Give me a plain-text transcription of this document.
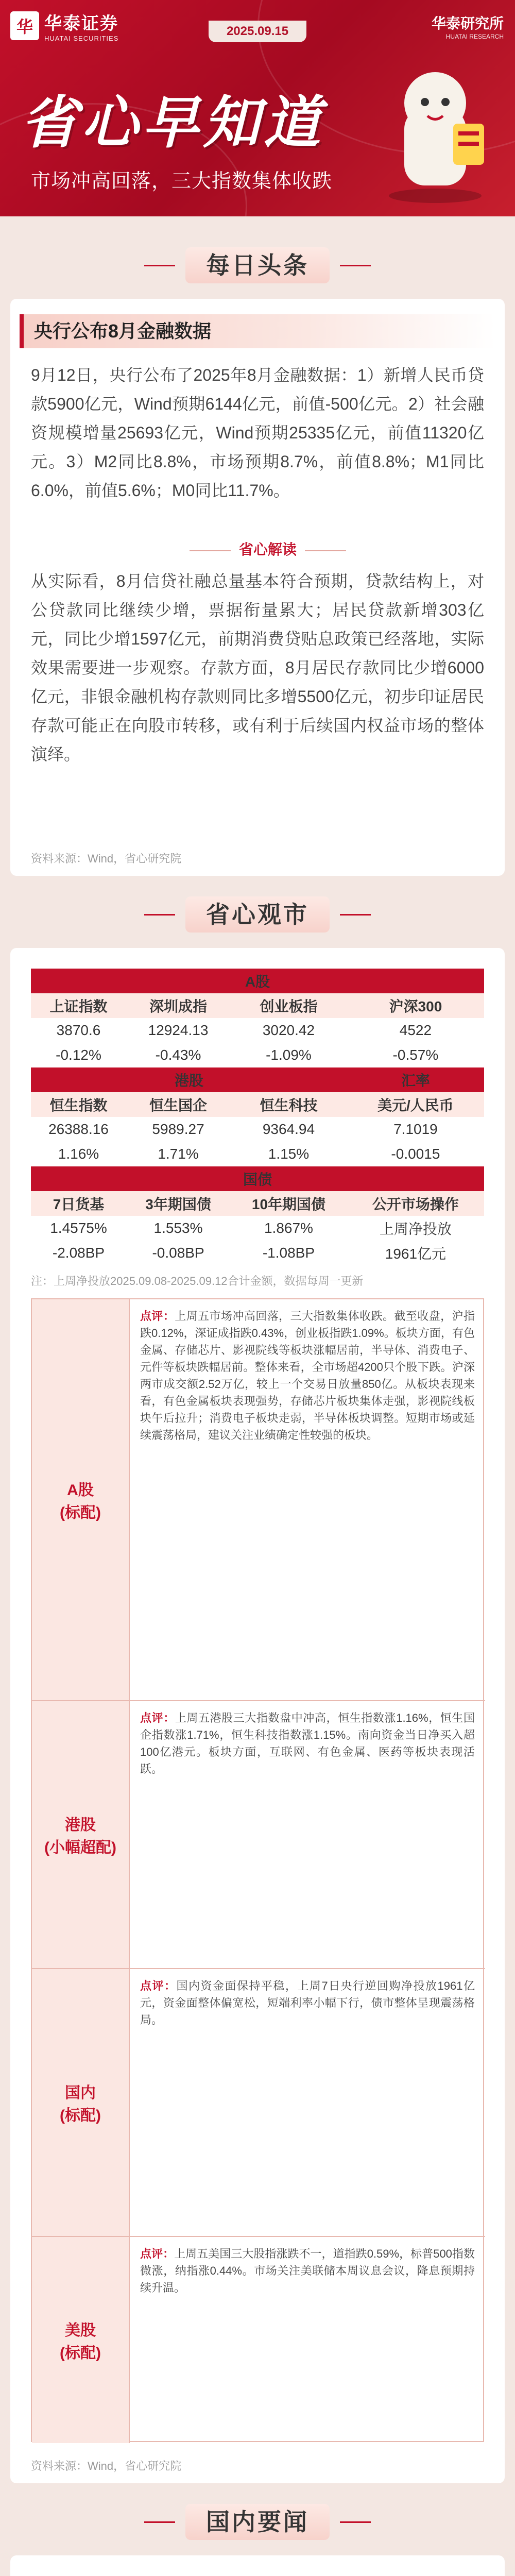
华 华泰证券
HUATAI SECURITIES
2025.09.15	华泰研究所
HUATAI RESEARCH
省心早知道
市场冲高回落，三大指数集体收跌
每日头条
央行公布8月金融数据
9月12日，央行公布了2025年8月金融数据：1）新增人民币贷款5900亿元，Wind预期6144亿元，前值-500亿元。2）社会融资规模增量25693亿元，Wind预期25335亿元，前值11320亿元。3）M2同比8.8%，市场预期8.7%，前值8.8%；M1同比6.0%，前值5.6%；M0同比11.7%。
省心解读
从实际看，8月信贷社融总量基本符合预期，贷款结构上，对公贷款同比继续少增，票据衔量累大；居民贷款新增303亿元，同比少增1597亿元，前期消费贷贴息政策已经落地，实际效果需要进一步观察。存款方面，8月居民存款同比少增6000亿元，非银金融机构存款则同比多增5500亿元，初步印证居民存款可能正在向股市转移，或有利于后续国内权益市场的整体演绎。
资料来源：Wind，省心研究院
省心观市
A股			
上证指数	深圳成指	创业板指	沪深300
3870.6	12924.13	3020.42	4522
-0.12%	-0.43%	-1.09%	-0.57%
港股			汇率
恒生指数	恒生国企	恒生科技	美元/人民币
26388.16	5989.27	9364.94	7.1019
1.16%	1.71%	1.15%	-0.0015
国债			
7日货基	3年期国债	10年期国债	公开市场操作
1.4575%	1.553%	1.867%	上周净投放
-2.08BP	-0.08BP	-1.08BP	1961亿元
注：上周净投放2025.09.08-2025.09.12合计金额，数据每周一更新
A股
(标配)
点评：上周五市场冲高回落，三大指数集体收跌。截至收盘，沪指跌0.12%，深证成指跌0.43%，创业板指跌1.09%。板块方面，有色金属、存储芯片、影视院线等板块涨幅居前，半导体、消费电子、元件等板块跌幅居前。整体来看，全市场超4200只个股下跌。沪深两市成交额2.52万亿，较上一个交易日放量850亿。从板块表现来看，有色金属板块表现强势，存储芯片板块集体走强，影视院线板块午后拉升；消费电子板块走弱，半导体板块调整。短期市场或延续震荡格局，建议关注业绩确定性较强的板块。
港股
(小幅超配)
点评：上周五港股三大指数盘中冲高，恒生指数涨1.16%，恒生国企指数涨1.71%，恒生科技指数涨1.15%。南向资金当日净买入超100亿港元。板块方面，互联网、有色金属、医药等板块表现活跃。
国内
(标配)
点评：国内资金面保持平稳，上周7日央行逆回购净投放1961亿元，资金面整体偏宽松，短端利率小幅下行，债市整体呈现震荡格局。
美股
(标配)
点评：上周五美国三大股指涨跌不一，道指跌0.59%，标普500指数微涨，纳指涨0.44%。市场关注美联储本周议息会议，降息预期持续升温。
资料来源：Wind，省心研究院
国内要闻
